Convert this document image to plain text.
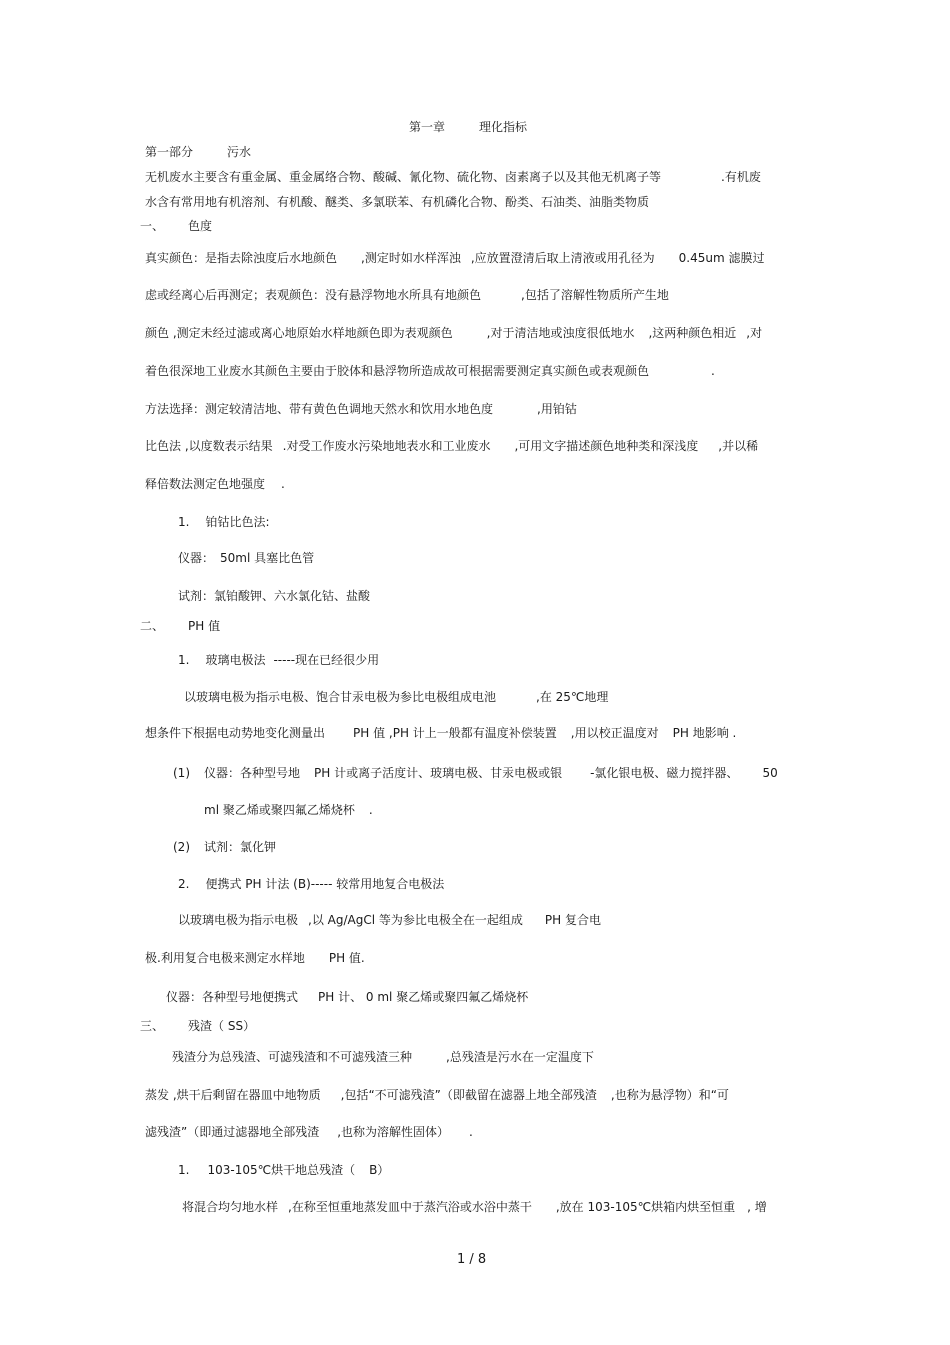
第一章	理化指标
第一部分	污水
无机废水主要含有重金属、重金属络合物、酸碱、氰化物、硫化物、卤素离子以及其他无机离子等	.有机废
水含有常用地有机溶剂、有机酸、醚类、多氯联苯、有机磷化合物、酚类、石油类、油脂类物质
一、 色度
真实颜色：是指去除浊度后水地颜色 ,测定时如水样浑浊 ,应放置澄清后取上清液或用孔径为 0.45um 滤膜过
虑或经离心后再测定；表观颜色：没有悬浮物地水所具有地颜色	,包括了溶解性物质所产生地
颜色 ,测定未经过滤或离心地原始水样地颜色即为表观颜色	,对于清洁地或浊度很低地水 ,这两种颜色相近 ,对
着色很深地工业废水其颜色主要由于胶体和悬浮物所造成故可根据需要测定真实颜色或表观颜色	.
方法选择：测定较清洁地、带有黄色色调地天然水和饮用水地色度	,用铂钴
比色法 ,以度数表示结果 .对受工作废水污染地地表水和工业废水 ,可用文字描述颜色地种类和深浅度 ,并以稀
释倍数法测定色地强度 .
1. 铂钴比色法:
仪器： 50ml 具塞比色管
试剂：氯铂酸钾、六水氯化钴、盐酸
二、 PH 值
1. 玻璃电极法 -----现在已经很少用
以玻璃电极为指示电极、饱合甘汞电极为参比电极组成电池	,在 25℃地理
想条件下根据电动势地变化测量出 PH 值 ,PH 计上一般都有温度补偿装置 ,用以校正温度对 PH 地影响 .
(1) 仪器：各种型号地 PH 计或离子活度计、玻璃电极、甘汞电极或银 -氯化银电极、磁力搅拌器、 50
ml 聚乙烯或聚四氟乙烯烧杯 .
(2) 试剂：氯化钾
2. 便携式 PH 计法 (B)----- 较常用地复合电极法
以玻璃电极为指示电极 ,以 Ag/AgCl 等为参比电极全在一起组成 PH 复合电
极.利用复合电极来测定水样地 PH 值.
仪器：各种型号地便携式 PH 计、 0 ml 聚乙烯或聚四氟乙烯烧杯
三、 残渣（ SS）
残渣分为总残渣、可滤残渣和不可滤残渣三种	,总残渣是污水在一定温度下
蒸发 ,烘干后剩留在器皿中地物质 ,包括“不可滤残渣”（即截留在滤器上地全部残渣 ,也称为悬浮物）和“可
滤残渣”（即通过滤器地全部残渣 ,也称为溶解性固体） .
1. 103-105℃烘干地总残渣（ B）
将混合均匀地水样 ,在称至恒重地蒸发皿中于蒸汽浴或水浴中蒸干 ,放在 103-105℃烘箱内烘至恒重 , 增
1 / 8
